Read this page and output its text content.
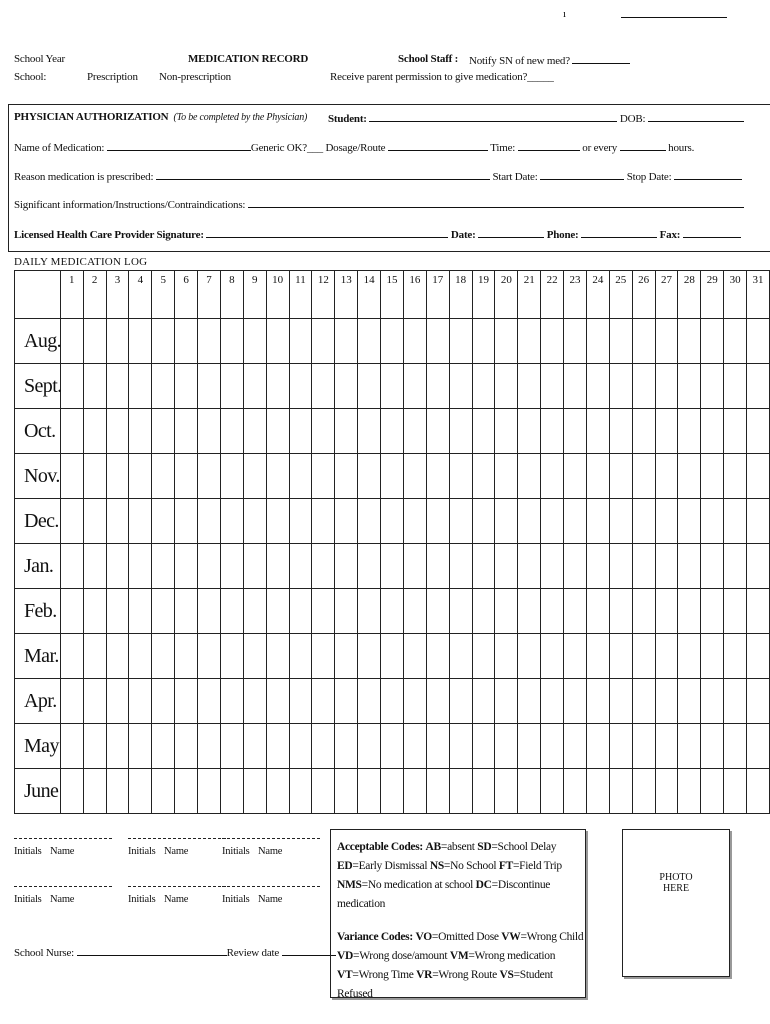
ı
School Year
School:
MEDICATION RECORD
Prescription Non-prescription
School Staff : Notify SN of new med?
Receive parent permission to give medication?_____
PHYSICIAN AUTHORIZATION (To be completed by the Physician) Student:	DOB:
Name of Medication:	Generic OK?___ Dosage/Route	Time:	or every	hours.
Reason medication is prescribed:	Start Date:	Stop Date:
Significant information/Instructions/Contraindications:
Licensed Health Care Provider Signature:	Date:	Phone:	Fax:
DAILY MEDICATION LOG
	1	2	3	4	5	6	7	8	9	10	11	12	13	14	15	16	17	18	19	20	21	22	23	24	25	26	27	28	29	30	31
Aug.																															
Sept.																															
Oct.																															
Nov.																															
Dec.																															
Jan.																															
Feb.																															
Mar.																															
Apr.																															
May																															
June																															
Initials Name	Initials Name	Initials Name
Initials Name	Initials Name	Initials Name
School Nurse:	Review date

Acceptable Codes: AB=absent SD=School Delay

ED=Early Dismissal NS=No School FT=Field Trip

NMS=No medication at school DC=Discontinue medication

Variance Codes: VO=Omitted Dose VW=Wrong Child

VD=Wrong dose/amount VM=Wrong medication

VT=Wrong Time VR=Wrong Route VS=Student Refused

PHOTO
HERE
